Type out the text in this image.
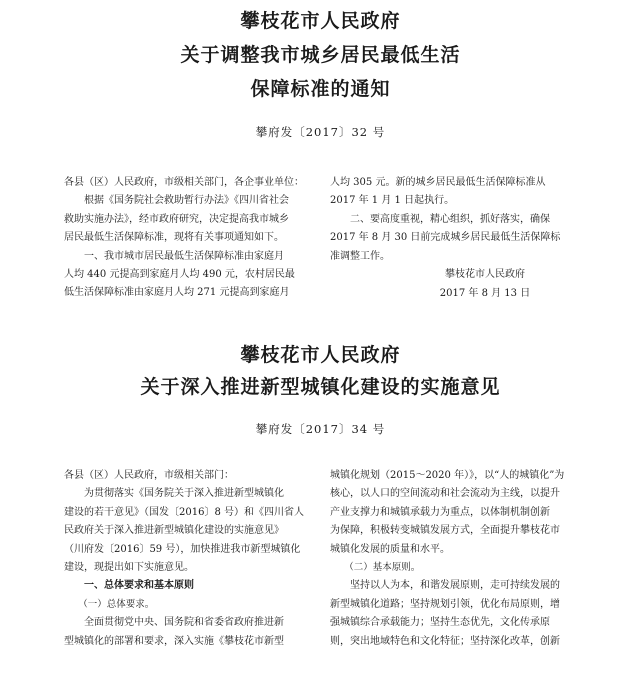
攀枝花市人民政府
关于调整我市城乡居民最低生活
保障标准的通知
攀府发〔2017〕32 号

各县（区）人民政府，市级相关部门，各企事业单位：

　　根据《国务院社会救助暂行办法》《四川省社会

救助实施办法》，经市政府研究，决定提高我市城乡

居民最低生活保障标准，现将有关事项通知如下。

　　一、我市城市居民最低生活保障标准由家庭月

人均 440 元提高到家庭月人均 490 元，农村居民最

低生活保障标准由家庭月人均 271 元提高到家庭月

人均 305 元。新的城乡居民最低生活保障标准从

2017 年 1 月 1 日起执行。

　　二、要高度重视，精心组织，抓好落实，确保

2017 年 8 月 30 日前完成城乡居民最低生活保障标

准调整工作。

攀枝花市人民政府
2017 年 8 月 13 日
攀枝花市人民政府
关于深入推进新型城镇化建设的实施意见
攀府发〔2017〕34 号

各县（区）人民政府，市级相关部门：

　　为贯彻落实《国务院关于深入推进新型城镇化

建设的若干意见》（国发〔2016〕8 号）和《四川省人

民政府关于深入推进新型城镇化建设的实施意见》

（川府发〔2016〕59 号），加快推进我市新型城镇化

建设，现提出如下实施意见。

　　一、总体要求和基本原则

　　（一）总体要求。

　　全面贯彻党中央、国务院和省委省政府推进新

型城镇化的部署和要求，深入实施《攀枝花市新型

城镇化规划（2015～2020 年）》，以“人的城镇化”为

核心，以人口的空间流动和社会流动为主线，以提升

产业支撑力和城镇承载力为重点，以体制机制创新

为保障，积极转变城镇发展方式，全面提升攀枝花市

城镇化发展的质量和水平。

　　（二）基本原则。

　　坚持以人为本，和谐发展原则，走可持续发展的

新型城镇化道路；坚持规划引领，优化布局原则，增

强城镇综合承载能力；坚持生态优先，文化传承原

则，突出地域特色和文化特征；坚持深化改革，创新
